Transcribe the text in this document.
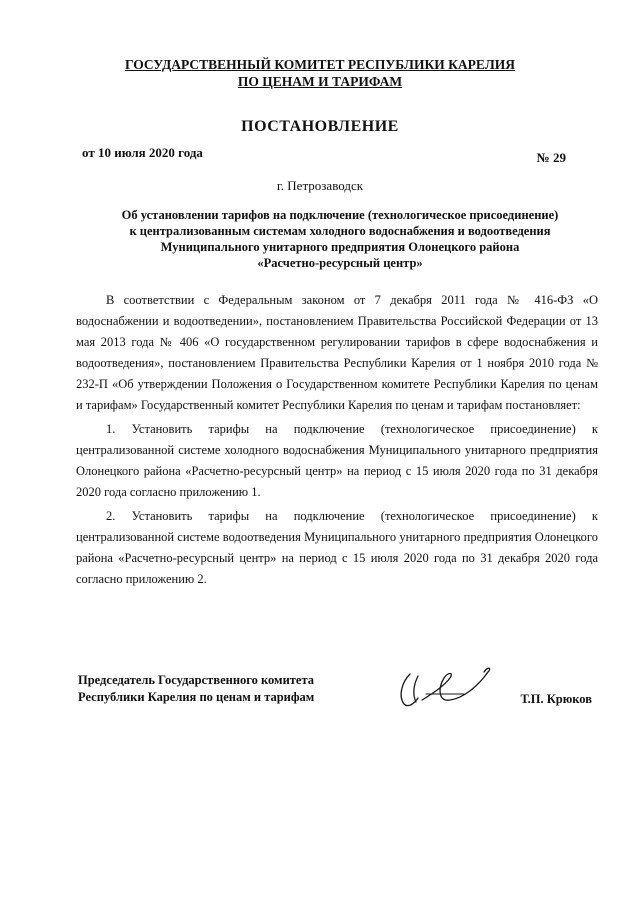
ГОСУДАРСТВЕННЫЙ КОМИТЕТ РЕСПУБЛИКИ КАРЕЛИЯ
ПО ЦЕНАМ И ТАРИФАМ
ПОСТАНОВЛЕНИЕ
от 10 июля 2020 года	№ 29
г. Петрозаводск
Об установлении тарифов на подключение (технологическое присоединение)
к централизованным системам холодного водоснабжения и водоотведения
Муниципального унитарного предприятия Олонецкого района
«Расчетно-ресурсный центр»

В соответствии с Федеральным законом от 7 декабря 2011 года № 416-ФЗ «О водоснабжении и водоотведении», постановлением Правительства Российской Федерации от 13 мая 2013 года № 406 «О государственном регулировании тарифов в сфере водоснабжения и водоотведения», постановлением Правительства Республики Карелия от 1 ноября 2010 года № 232-П «Об утверждении Положения о Государственном комитете Республики Карелия по ценам и тарифам» Государственный комитет Республики Карелия по ценам и тарифам постановляет:

1. Установить тарифы на подключение (технологическое присоединение) к централизованной системе холодного водоснабжения Муниципального унитарного предприятия Олонецкого района «Расчетно-ресурсный центр» на период с 15 июля 2020 года по 31 декабря 2020 года согласно приложению 1.

2. Установить тарифы на подключение (технологическое присоединение) к централизованной системе водоотведения Муниципального унитарного предприятия Олонецкого района «Расчетно-ресурсный центр» на период с 15 июля 2020 года по 31 декабря 2020 года согласно приложению 2.

Председатель Государственного комитета
Республики Карелия по ценам и тарифам	Т.П. Крюков
